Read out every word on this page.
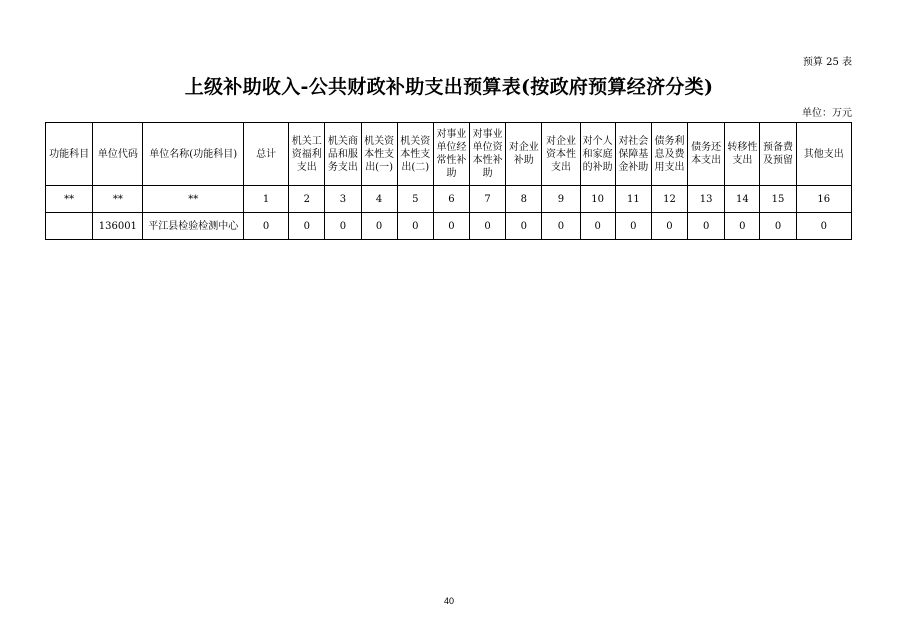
预算 25 表
上级补助收入-公共财政补助支出预算表(按政府预算经济分类)
单位：万元
功能科目	单位代码	单位名称(功能科目)	总计	机关工资福利支出	机关商品和服务支出	机关资本性支出(一)	机关资本性支出(二)	对事业单位经常性补助	对事业单位资本性补助	对企业补助	对企业资本性支出	对个人和家庭的补助	对社会保障基金补助	债务利息及费用支出	债务还本支出	转移性支出	预备费及预留	其他支出
**	**	**	1	2	3	4	5	6	7	8	9	10	11	12	13	14	15	16
	136001	平江县检验检测中心	0	0	0	0	0	0	0	0	0	0	0	0	0	0	0	0
40
